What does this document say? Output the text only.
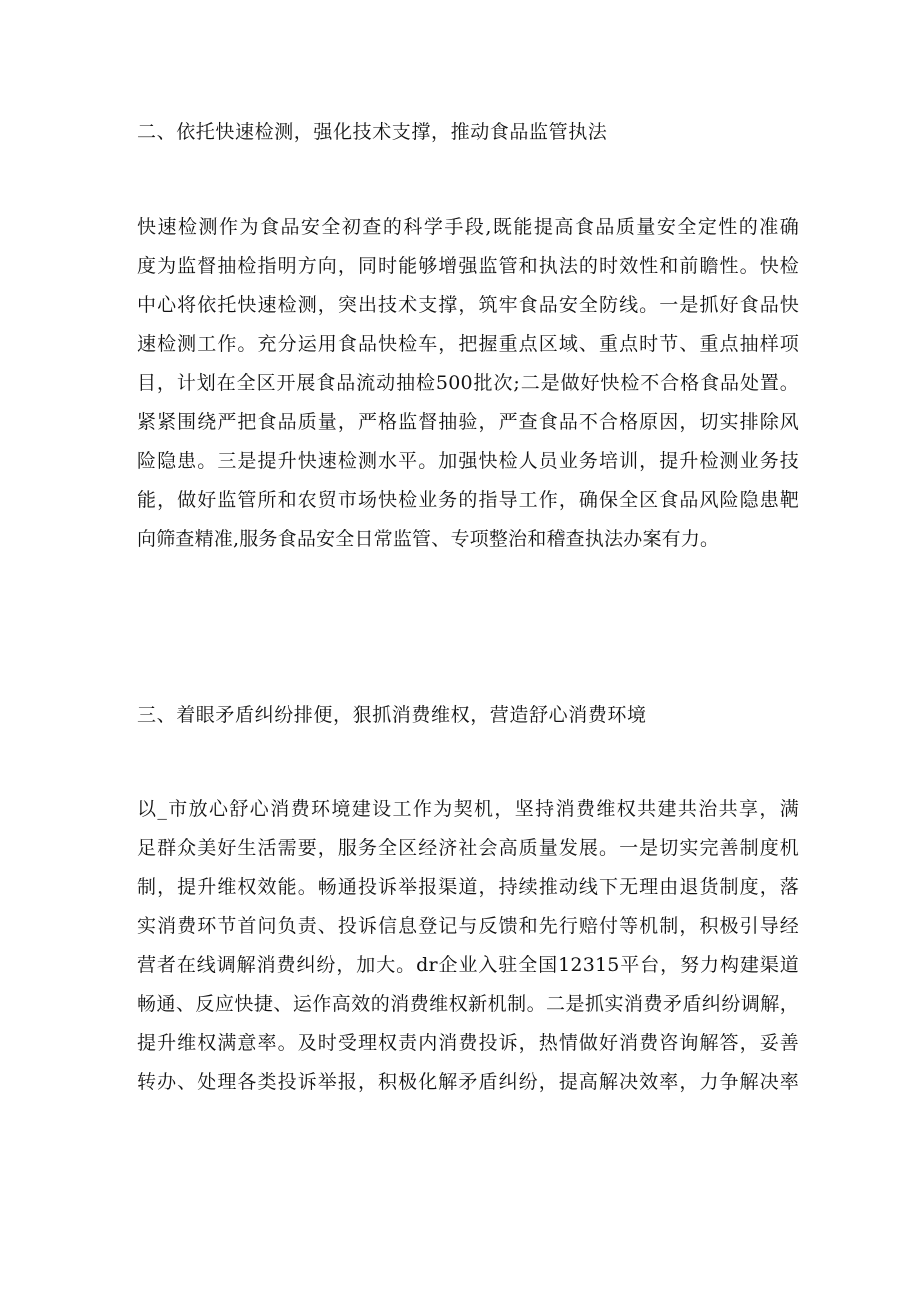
二、依托快速检测，强化技术支撑，推动食品监管执法
快速检测作为食品安全初查的科学手段,既能提高食品质量安全定性的准确
度为监督抽检指明方向，同时能够增强监管和执法的时效性和前瞻性。快检
中心将依托快速检测，突出技术支撑，筑牢食品安全防线。一是抓好食品快
速检测工作。充分运用食品快检车，把握重点区域、重点时节、重点抽样项
目，计划在全区开展食品流动抽检500批次;二是做好快检不合格食品处置。
紧紧围绕严把食品质量，严格监督抽验，严查食品不合格原因，切实排除风
险隐患。三是提升快速检测水平。加强快检人员业务培训，提升检测业务技
能，做好监管所和农贸市场快检业务的指导工作，确保全区食品风险隐患靶
向筛查精准,服务食品安全日常监管、专项整治和稽查执法办案有力。
三、着眼矛盾纠纷排便，狠抓消费维权，营造舒心消费环境
以_市放心舒心消费环境建设工作为契机，坚持消费维权共建共治共享，满
足群众美好生活需要，服务全区经济社会高质量发展。一是切实完善制度机
制，提升维权效能。畅通投诉举报渠道，持续推动线下无理由退货制度，落
实消费环节首问负责、投诉信息登记与反馈和先行赔付等机制，积极引导经
营者在线调解消费纠纷，加大。dr企业入驻全国12315平台，努力构建渠道
畅通、反应快捷、运作高效的消费维权新机制。二是抓实消费矛盾纠纷调解，
提升维权满意率。及时受理权责内消费投诉，热情做好消费咨询解答，妥善
转办、处理各类投诉举报，积极化解矛盾纠纷，提高解决效率，力争解决率
